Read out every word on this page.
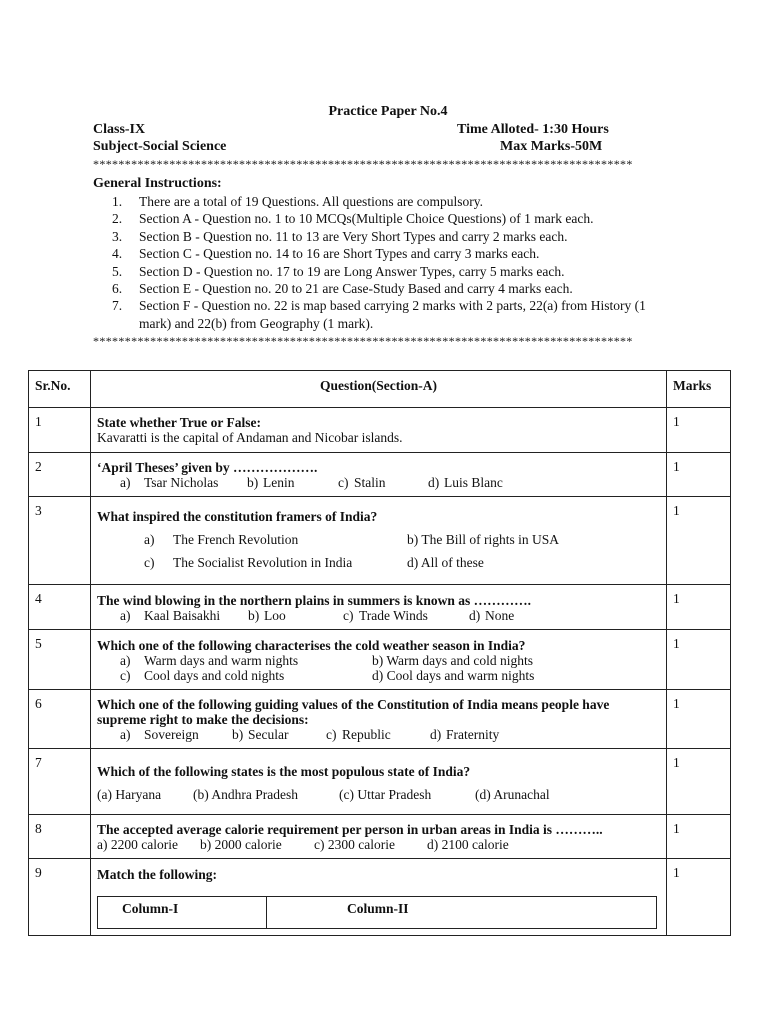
Practice Paper No.4
Class-IX	Time Alloted- 1:30 Hours
Subject-Social Science	Max Marks-50M
*************************************************************************************
General Instructions:
1. There are a total of 19 Questions. All questions are compulsory.
2. Section A - Question no. 1 to 10 MCQs(Multiple Choice Questions) of 1 mark each.
3. Section B - Question no. 11 to 13 are Very Short Types and carry 2 marks each.
4. Section C - Question no. 14 to 16 are Short Types and carry 3 marks each.
5. Section D - Question no. 17 to 19 are Long Answer Types, carry 5 marks each.
6. Section E - Question no. 20 to 21 are Case-Study Based and carry 4 marks each.
7. Section F - Question no. 22 is map based carrying 2 marks with 2 parts, 22(a) from History (1 mark) and 22(b) from Geography (1 mark).
*************************************************************************************
Sr.No.	Question(Section-A)	Marks
1	State whether True or False:
Kavaratti is the capital of Andaman and Nicobar islands.
	1
2	‘April Theses’ given by ……………….
a)	Tsar Nicholas	b) Lenin	c) Stalin	d) Luis Blanc
	1
3	What inspired the constitution framers of India?
a)	The French Revolution	b) The Bill of rights in USA
c)	The Socialist Revolution in India	d) All of these
	1
4	The wind blowing in the northern plains in summers is known as ………….
a)	Kaal Baisakhi	b) Loo	c) Trade Winds	d) None
	1
5	Which one of the following characterises the cold weather season in India?
a)	Warm days and warm nights	b) Warm days and cold nights
c)	Cool days and cold nights	d) Cool days and warm nights
	1
6	Which one of the following guiding values of the Constitution of India means people have supreme right to make the decisions:
a)	Sovereign	b) Secular	c) Republic	d) Fraternity
	1
7	
Which of the following states is the most populous state of India?
(a) Haryana	(b) Andhra Pradesh	(c) Uttar Pradesh	(d) Arunachal
	1
8	The accepted average calorie requirement per person in urban areas in India is ………..
a) 2200 calorie	b) 2000 calorie	c) 2300 calorie	d) 2100 calorie
	1
9	Match the following:
Column-I	Column-II
	1
